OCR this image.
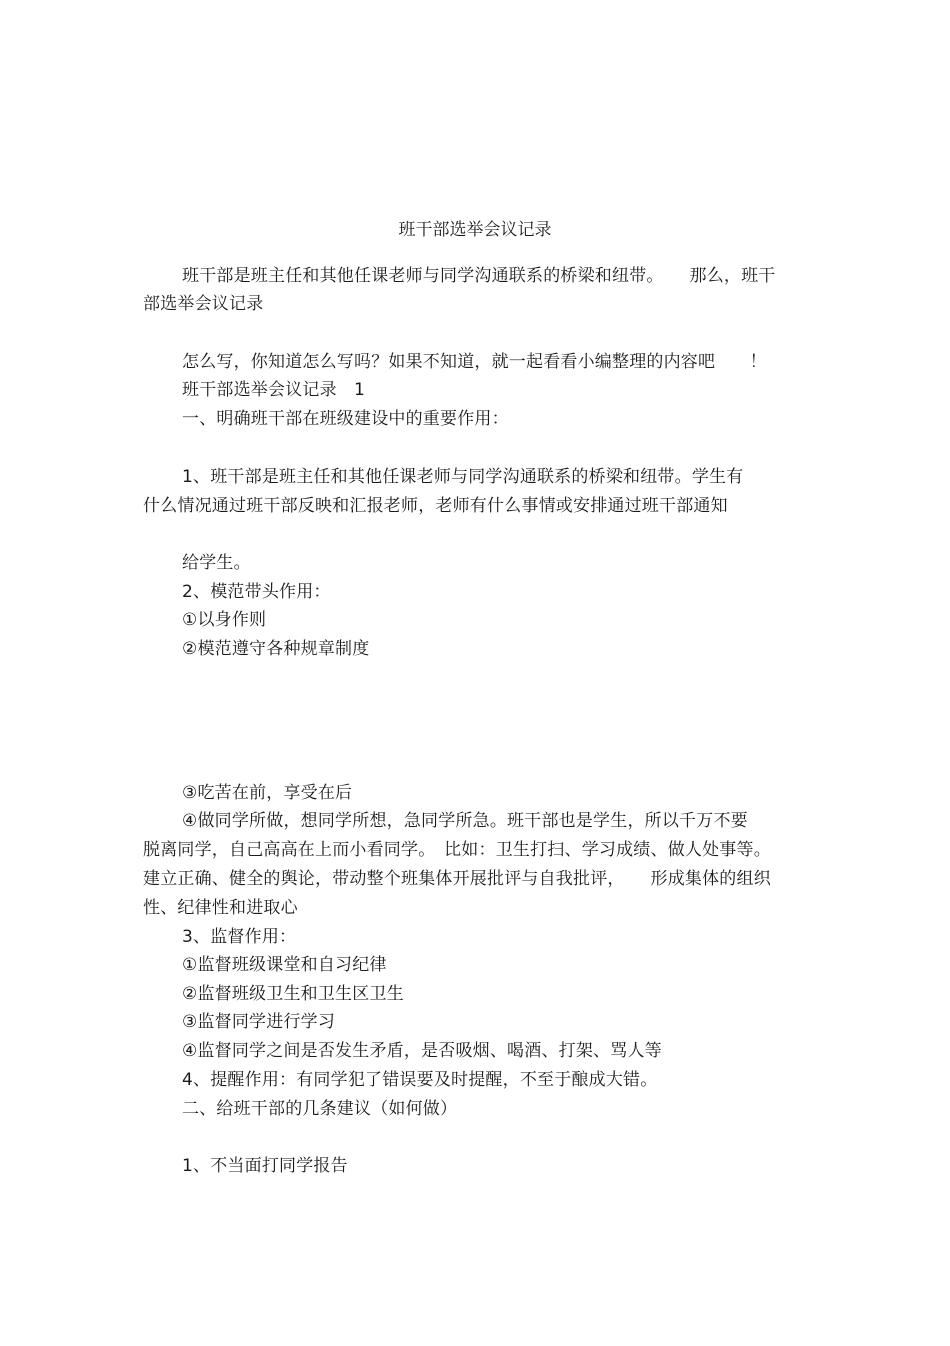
班干部选举会议记录
班干部是班主任和其他任课老师与同学沟通联系的桥梁和纽带。　　那么，班干
部选举会议记录
怎么写，你知道怎么写吗？如果不知道，就一起看看小编整理的内容吧　　！
班干部选举会议记录　1
一、明确班干部在班级建设中的重要作用：
1、班干部是班主任和其他任课老师与同学沟通联系的桥梁和纽带。学生有
什么情况通过班干部反映和汇报老师，老师有什么事情或安排通过班干部通知
给学生。
2、模范带头作用：
①以身作则
②模范遵守各种规章制度
③吃苦在前，享受在后
④做同学所做，想同学所想，急同学所急。班干部也是学生，所以千万不要
脱离同学，自己高高在上而小看同学。　比如：卫生打扫、学习成绩、做人处事等。
建立正确、健全的舆论，带动整个班集体开展批评与自我批评，　　形成集体的组织
性、纪律性和进取心
3、监督作用：
①监督班级课堂和自习纪律
②监督班级卫生和卫生区卫生
③监督同学进行学习
④监督同学之间是否发生矛盾，是否吸烟、喝酒、打架、骂人等
4、提醒作用：有同学犯了错误要及时提醒，不至于酿成大错。
二、给班干部的几条建议（如何做）
1、不当面打同学报告
